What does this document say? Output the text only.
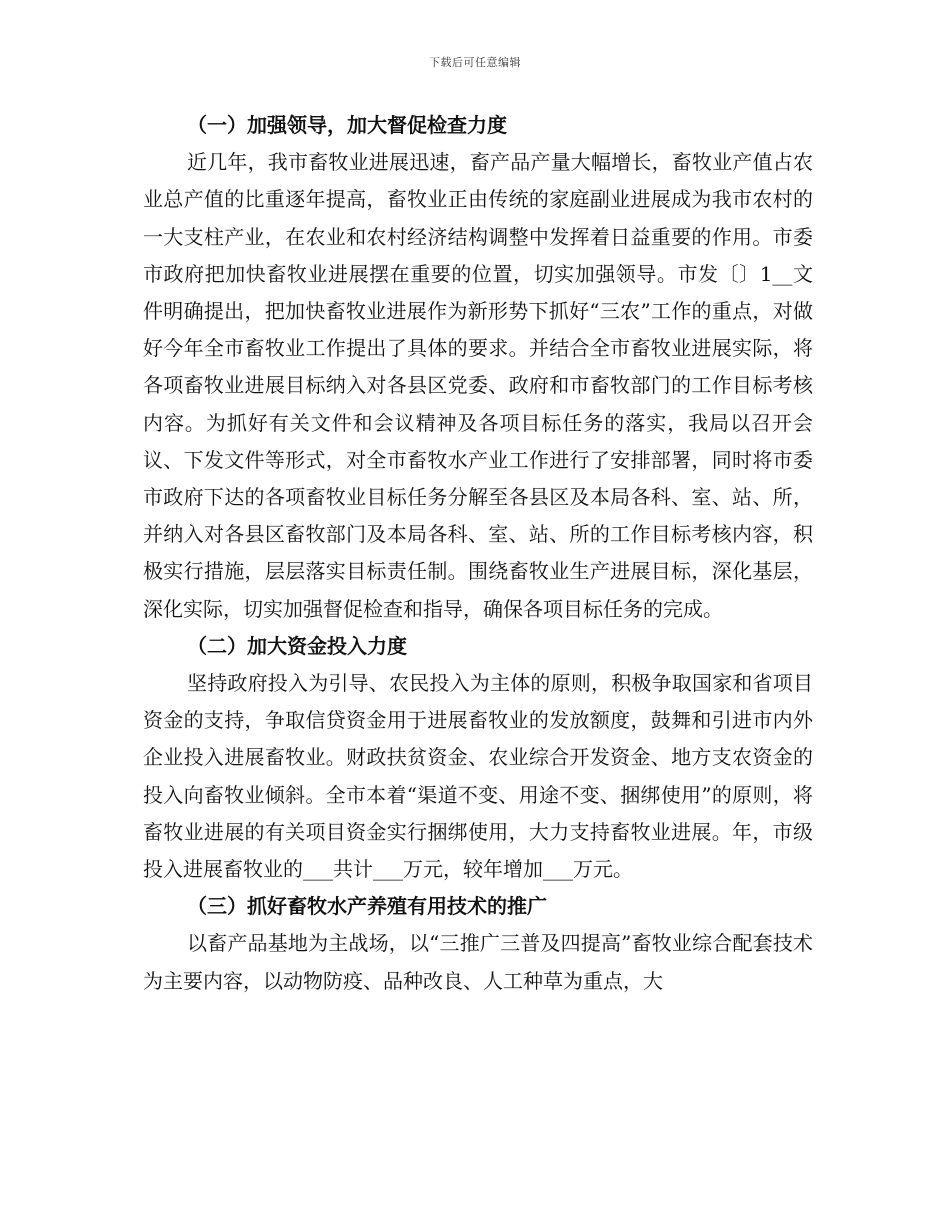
下载后可任意编辑

（一）加强领导，加大督促检查力度

近几年，我市畜牧业进展迅速，畜产品产量大幅增长，畜牧业产值占农业总产值的比重逐年提高，畜牧业正由传统的家庭副业进展成为我市农村的一大支柱产业，在农业和农村经济结构调整中发挥着日益重要的作用。市委市政府把加快畜牧业进展摆在重要的位置，切实加强领导。市发〔〕1__文件明确提出，把加快畜牧业进展作为新形势下抓好“三农”工作的重点，对做好今年全市畜牧业工作提出了具体的要求。并结合全市畜牧业进展实际，将各项畜牧业进展目标纳入对各县区党委、政府和市畜牧部门的工作目标考核内容。为抓好有关文件和会议精神及各项目标任务的落实，我局以召开会议、下发文件等形式，对全市畜牧水产业工作进行了安排部署，同时将市委市政府下达的各项畜牧业目标任务分解至各县区及本局各科、室、站、所，并纳入对各县区畜牧部门及本局各科、室、站、所的工作目标考核内容，积极实行措施，层层落实目标责任制。围绕畜牧业生产进展目标，深化基层，深化实际，切实加强督促检查和指导，确保各项目标任务的完成。

（二）加大资金投入力度

坚持政府投入为引导、农民投入为主体的原则，积极争取国家和省项目资金的支持，争取信贷资金用于进展畜牧业的发放额度，鼓舞和引进市内外企业投入进展畜牧业。财政扶贫资金、农业综合开发资金、地方支农资金的投入向畜牧业倾斜。全市本着“渠道不变、用途不变、捆绑使用”的原则，将畜牧业进展的有关项目资金实行捆绑使用，大力支持畜牧业进展。年，市级投入进展畜牧业的___共计___万元，较年增加___万元。

（三）抓好畜牧水产养殖有用技术的推广

以畜产品基地为主战场，以“三推广三普及四提高”畜牧业综合配套技术为主要内容，以动物防疫、品种改良、人工种草为重点，大
